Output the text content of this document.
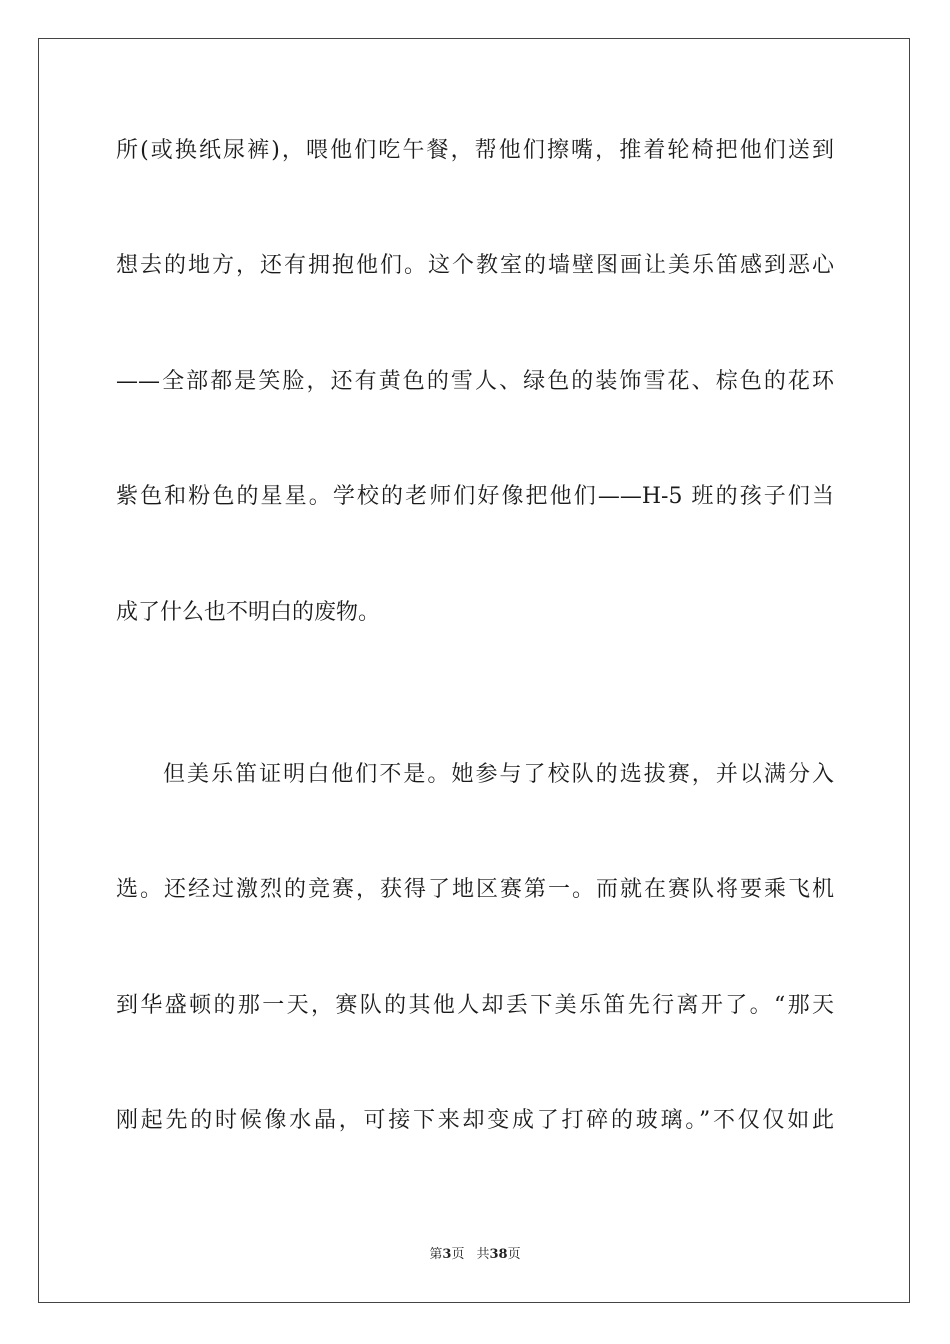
所(或换纸尿裤)，喂他们吃午餐，帮他们擦嘴，推着轮椅把他们送到
想去的地方，还有拥抱他们。这个教室的墙壁图画让美乐笛感到恶心
——全部都是笑脸，还有黄色的雪人、绿色的装饰雪花、棕色的花环
紫色和粉色的星星。学校的老师们好像把他们——H-5 班的孩子们当
成了什么也不明白的废物。
但美乐笛证明白他们不是。她参与了校队的选拔赛，并以满分入
选。还经过激烈的竞赛，获得了地区赛第一。而就在赛队将要乘飞机
到华盛顿的那一天，赛队的其他人却丢下美乐笛先行离开了。“那天
刚起先的时候像水晶，可接下来却变成了打碎的玻璃。”不仅仅如此
第3页 共38页
